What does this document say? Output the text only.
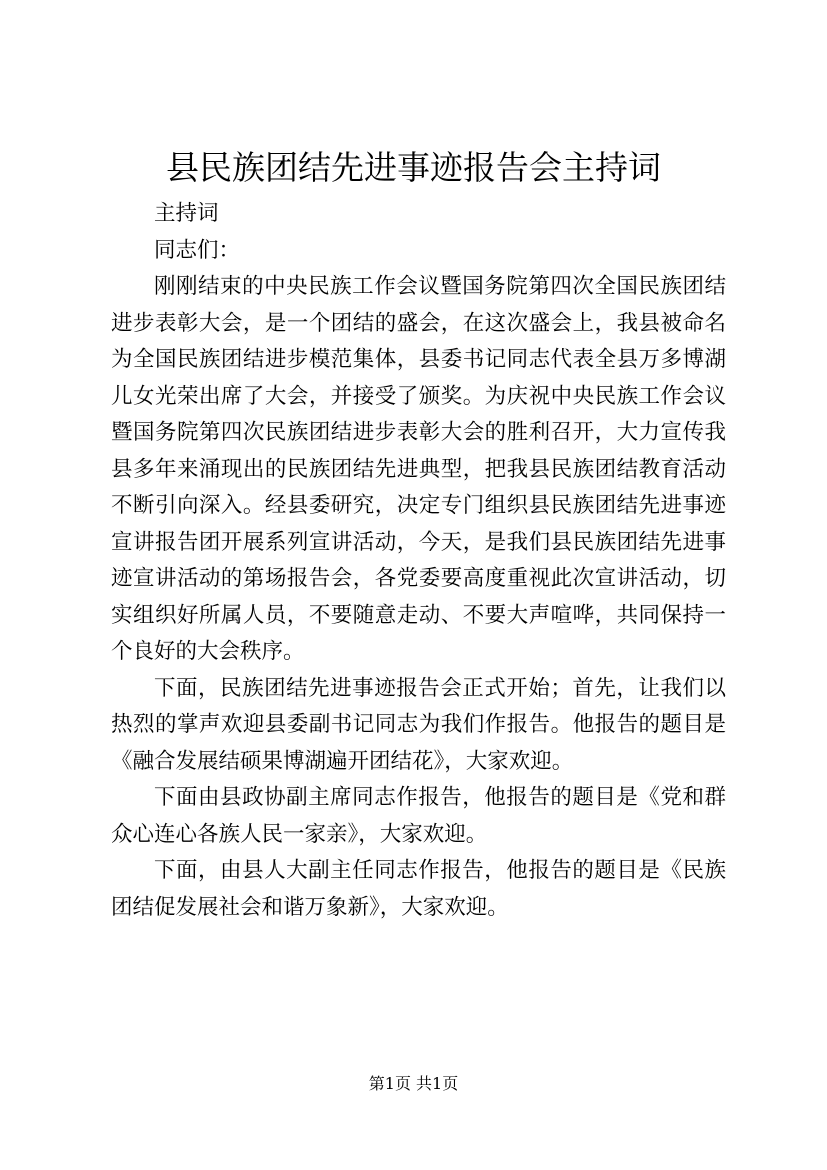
县民族团结先进事迹报告会主持词

主持词

同志们：

刚刚结束的中央民族工作会议暨国务院第四次全国民族团结进步表彰大会，是一个团结的盛会，在这次盛会上，我县被命名为全国民族团结进步模范集体，县委书记同志代表全县万多博湖儿女光荣出席了大会，并接受了颁奖。为庆祝中央民族工作会议暨国务院第四次民族团结进步表彰大会的胜利召开，大力宣传我县多年来涌现出的民族团结先进典型，把我县民族团结教育活动不断引向深入。经县委研究，决定专门组织县民族团结先进事迹宣讲报告团开展系列宣讲活动，今天，是我们县民族团结先进事迹宣讲活动的第场报告会，各党委要高度重视此次宣讲活动，切实组织好所属人员，不要随意走动、不要大声喧哗，共同保持一个良好的大会秩序。

下面，民族团结先进事迹报告会正式开始；首先，让我们以热烈的掌声欢迎县委副书记同志为我们作报告。他报告的题目是《融合发展结硕果博湖遍开团结花》，大家欢迎。

下面由县政协副主席同志作报告，他报告的题目是《党和群众心连心各族人民一家亲》，大家欢迎。

下面，由县人大副主任同志作报告，他报告的题目是《民族团结促发展社会和谐万象新》，大家欢迎。

第1页 共1页
